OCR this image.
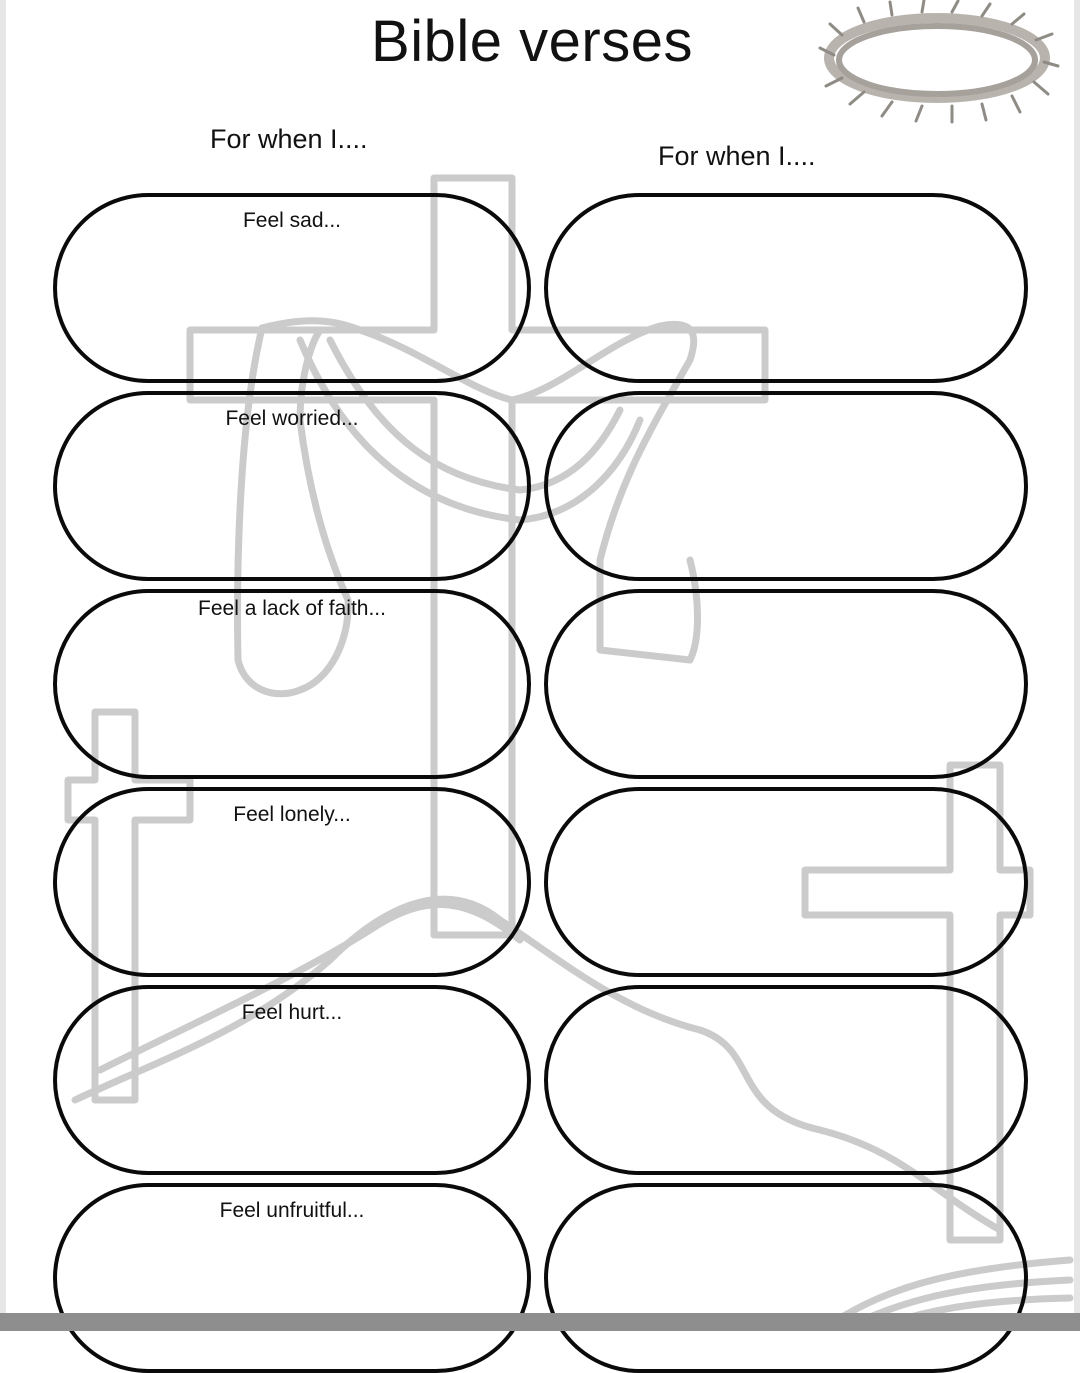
Bible verses
For when I....
For when I....
Feel sad...
Feel worried...
Feel a lack of faith...
Feel lonely...
Feel hurt...
Feel unfruitful...
